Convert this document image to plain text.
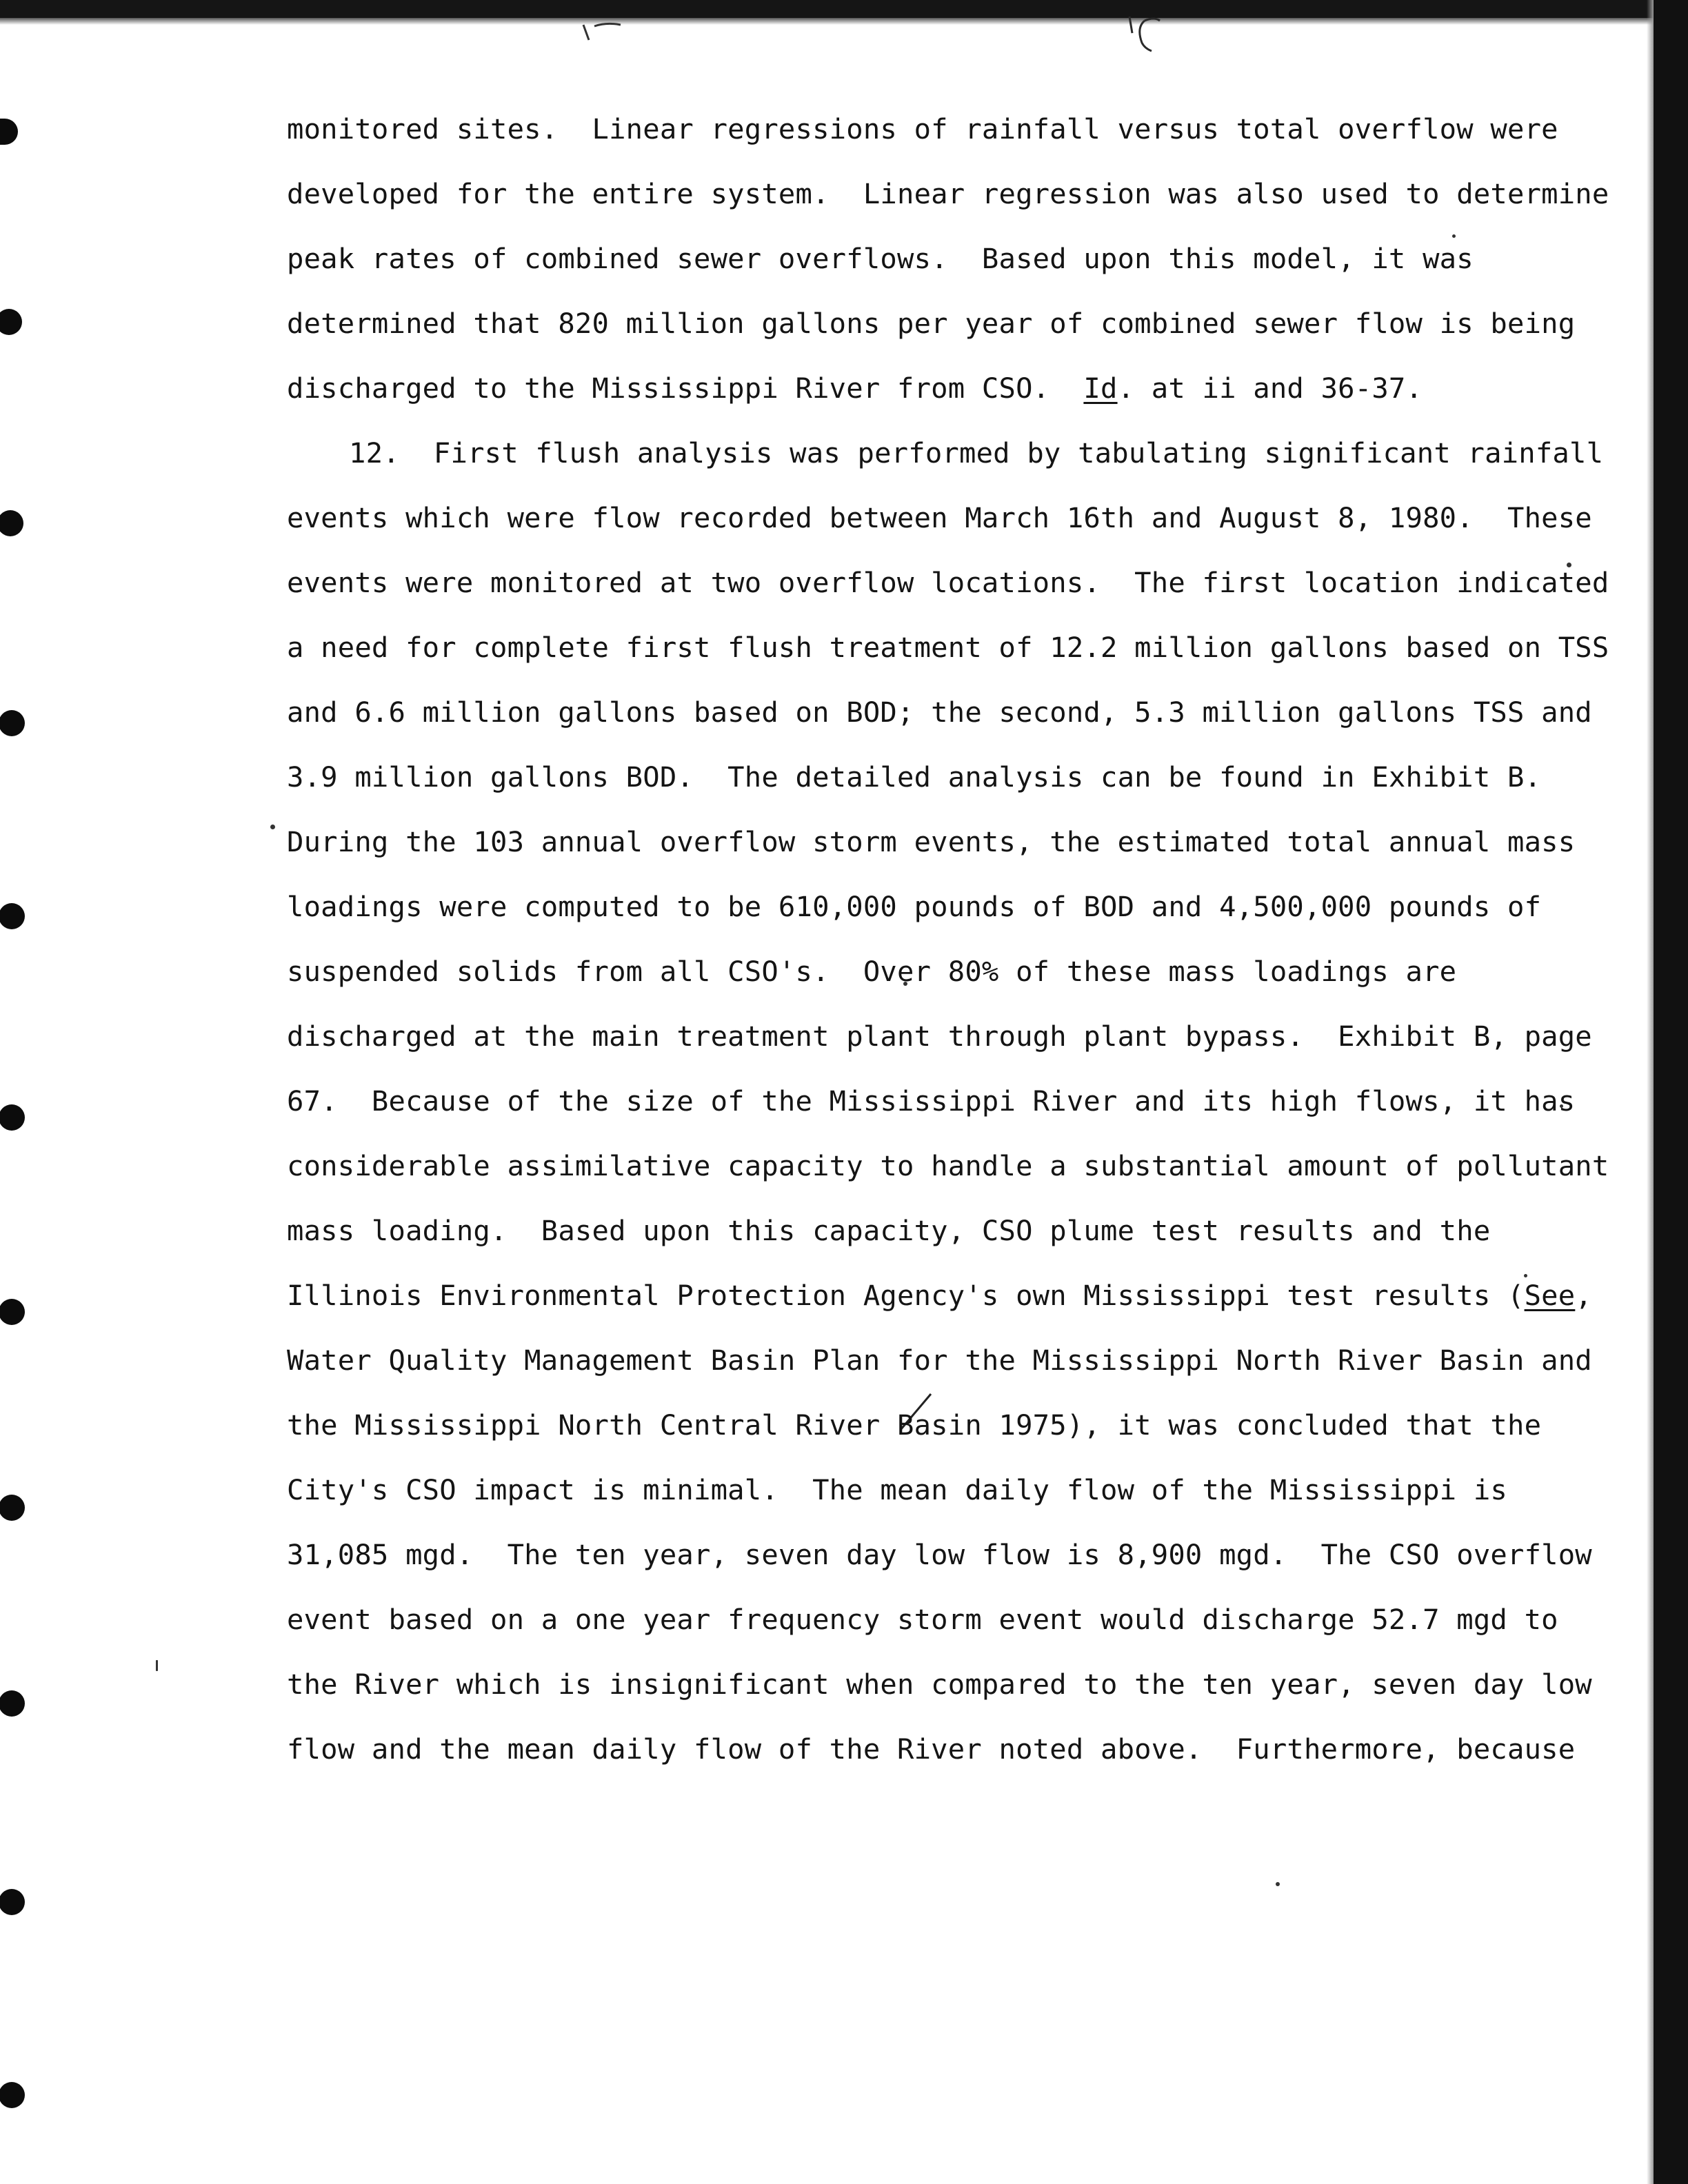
monitored sites.  Linear regressions of rainfall versus total overflow were
developed for the entire system.  Linear regression was also used to determine
peak rates of combined sewer overflows.  Based upon this model, it was
determined that 820 million gallons per year of combined sewer flow is being
discharged to the Mississippi River from CSO.  Id. at ii and 36-37.
12.  First flush analysis was performed by tabulating significant rainfall
events which were flow recorded between March 16th and August 8, 1980.  These
events were monitored at two overflow locations.  The first location indicated
a need for complete first flush treatment of 12.2 million gallons based on TSS
and 6.6 million gallons based on BOD; the second, 5.3 million gallons TSS and
3.9 million gallons BOD.  The detailed analysis can be found in Exhibit B.
During the 103 annual overflow storm events, the estimated total annual mass
loadings were computed to be 610,000 pounds of BOD and 4,500,000 pounds of
suspended solids from all CSO's.  Over 80% of these mass loadings are
discharged at the main treatment plant through plant bypass.  Exhibit B, page
67.  Because of the size of the Mississippi River and its high flows, it has
considerable assimilative capacity to handle a substantial amount of pollutant
mass loading.  Based upon this capacity, CSO plume test results and the
Illinois Environmental Protection Agency's own Mississippi test results (See,
Water Quality Management Basin Plan for the Mississippi North River Basin and
the Mississippi North Central River Basin 1975), it was concluded that the
City's CSO impact is minimal.  The mean daily flow of the Mississippi is
31,085 mgd.  The ten year, seven day low flow is 8,900 mgd.  The CSO overflow
event based on a one year frequency storm event would discharge 52.7 mgd to
the River which is insignificant when compared to the ten year, seven day low
flow and the mean daily flow of the River noted above.  Furthermore, because
